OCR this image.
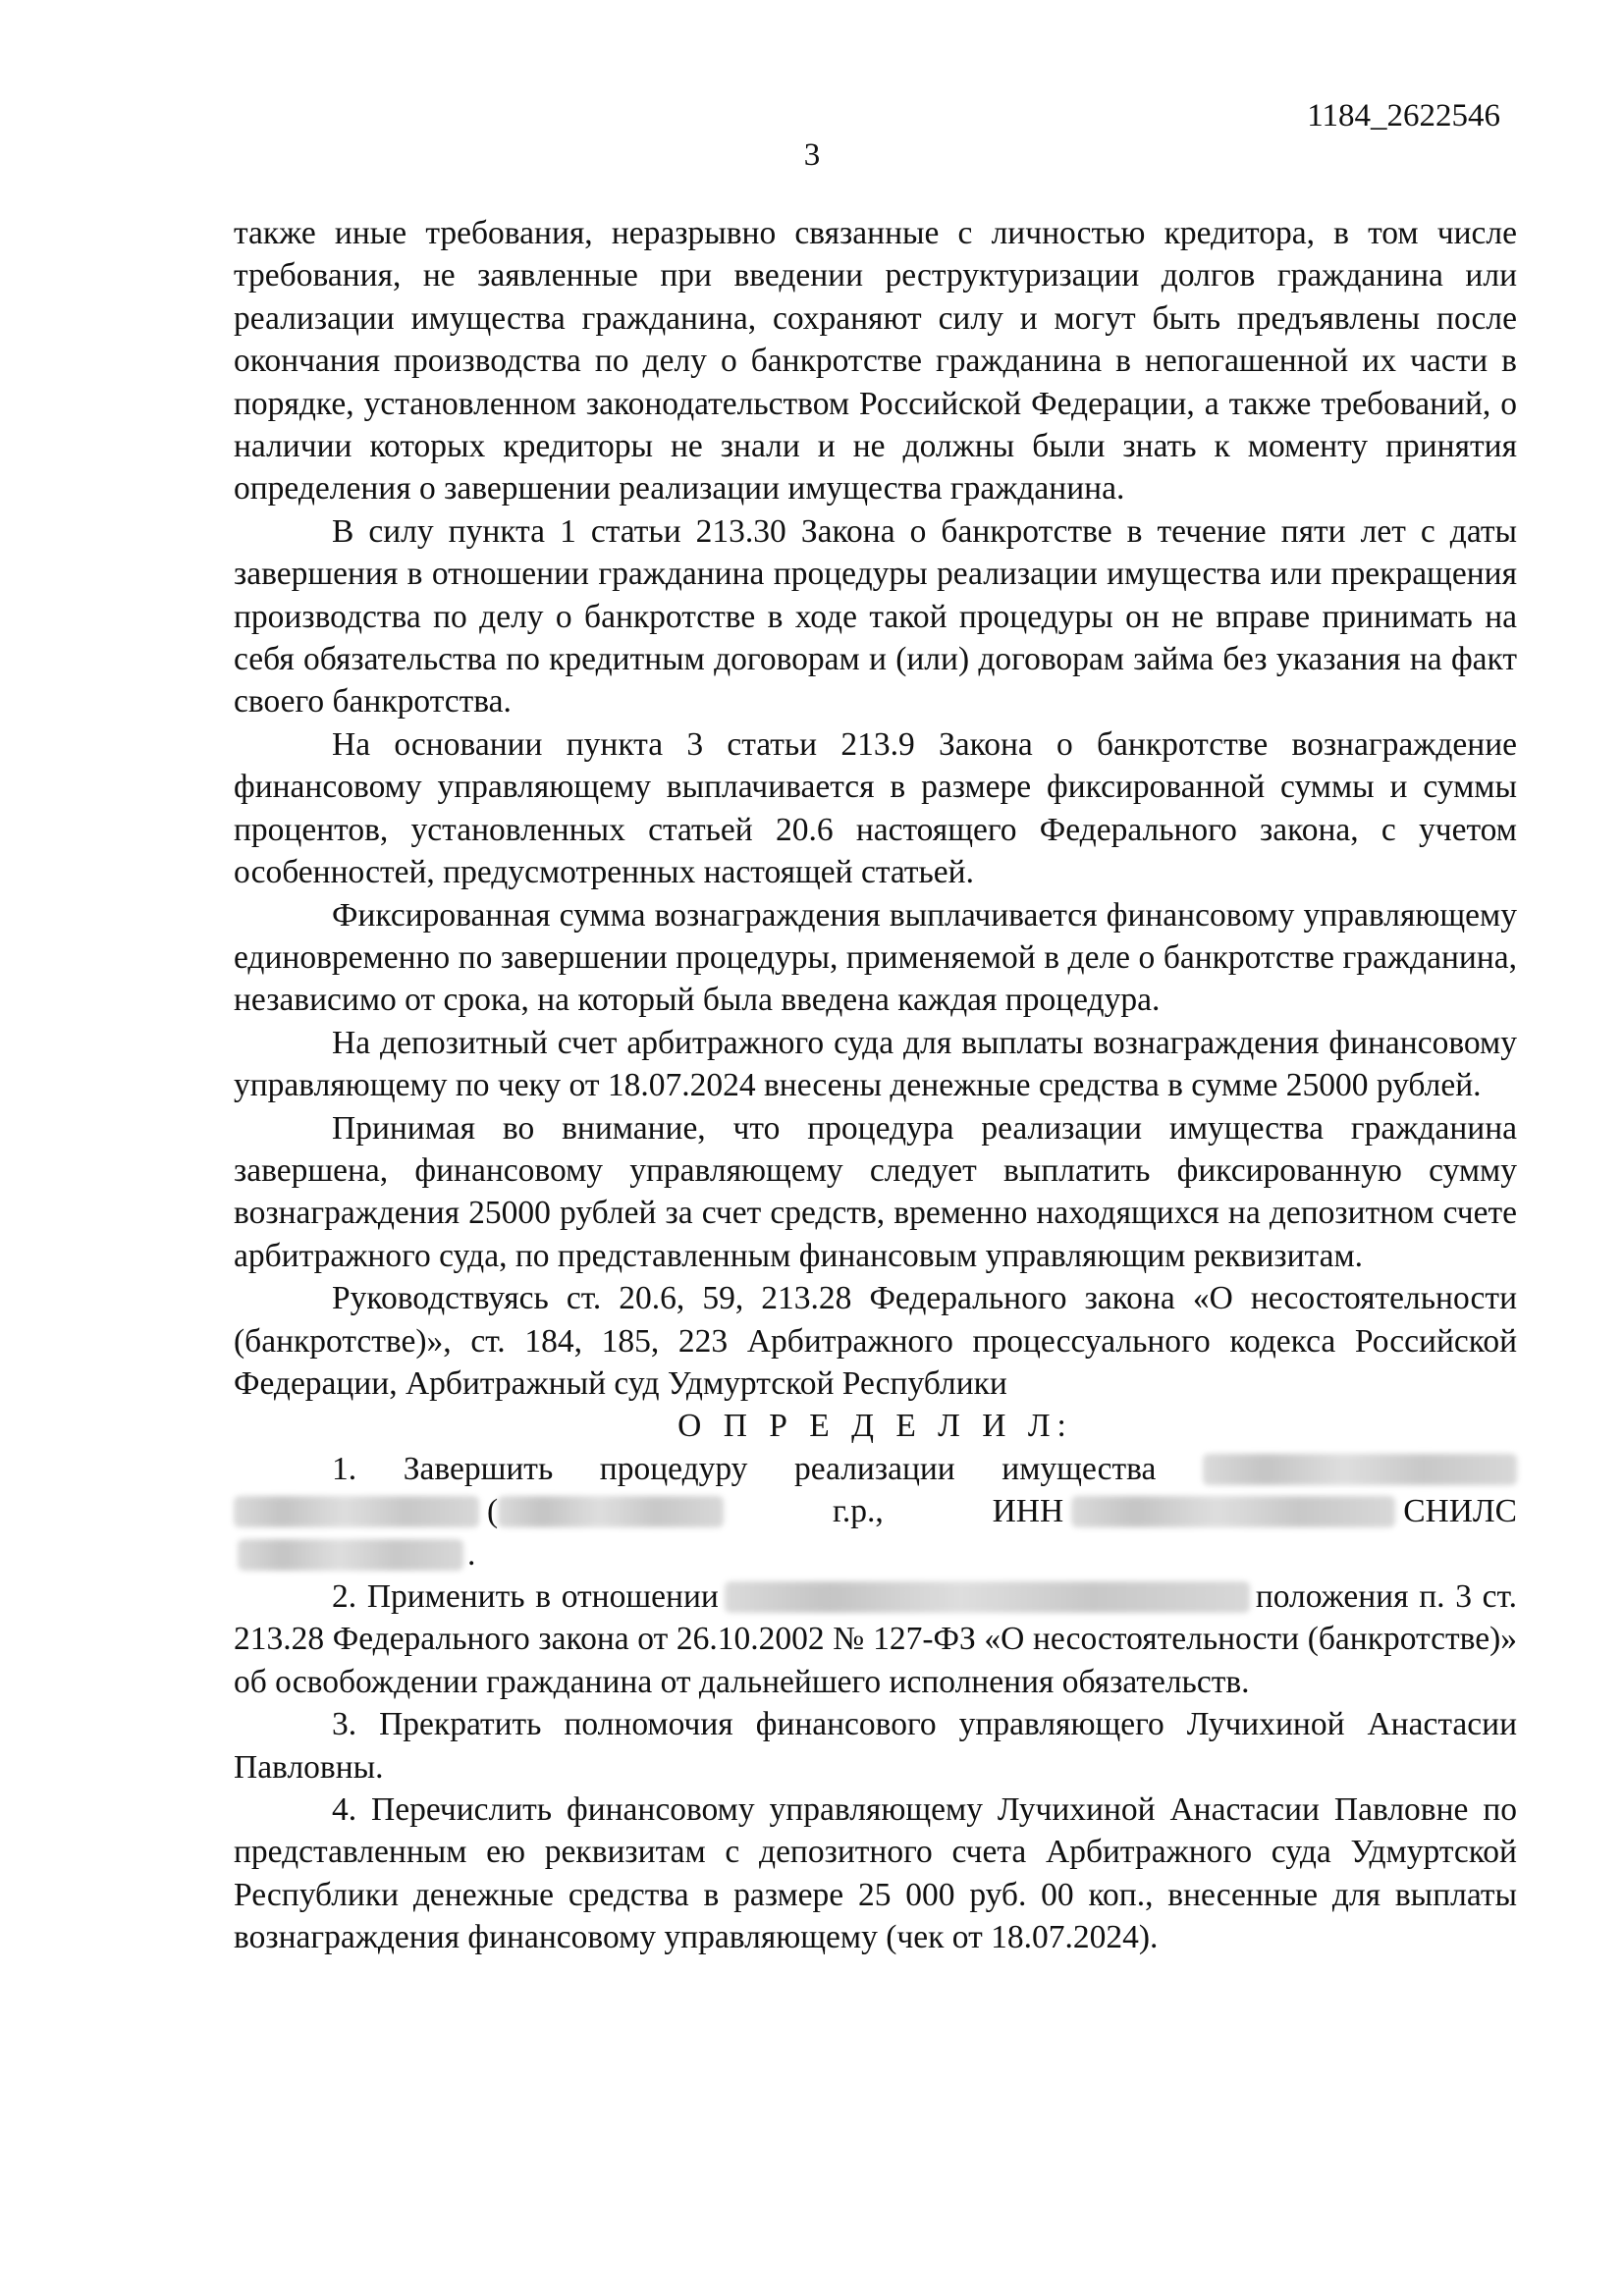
1184_2622546
3

также иные требования, неразрывно связанные с личностью кредитора, в том числе требования, не заявленные при введении реструктуризации долгов гражданина или реализации имущества гражданина, сохраняют силу и могут быть предъявлены после окончания производства по делу о банкротстве гражданина в непогашенной их части в порядке, установленном законодательством Российской Федерации, а также требований, о наличии которых кредиторы не знали и не должны были знать к моменту принятия определения о завершении реализации имущества гражданина.

В силу пункта 1 статьи 213.30 Закона о банкротстве в течение пяти лет с даты завершения в отношении гражданина процедуры реализации имущества или прекращения производства по делу о банкротстве в ходе такой процедуры он не вправе принимать на себя обязательства по кредитным договорам и (или) договорам займа без указания на факт своего банкротства.

На основании пункта 3 статьи 213.9 Закона о банкротстве вознаграждение финансовому управляющему выплачивается в размере фиксированной суммы и суммы процентов, установленных статьей 20.6 настоящего Федерального закона, с учетом особенностей, предусмотренных настоящей статьей.

Фиксированная сумма вознаграждения выплачивается финансовому управляющему единовременно по завершении процедуры, применяемой в деле о банкротстве гражданина, независимо от срока, на который была введена каждая процедура.

На депозитный счет арбитражного суда для выплаты вознаграждения финансовому управляющему по чеку от 18.07.2024 внесены денежные средства в сумме 25000 рублей.

Принимая во внимание, что процедура реализации имущества гражданина завершена, финансовому управляющему следует выплатить фиксированную сумму вознаграждения 25000 рублей за счет средств, временно находящихся на депозитном счете арбитражного суда, по представленным финансовым управляющим реквизитам.

Руководствуясь ст. 20.6, 59, 213.28 Федерального закона «О несостоятельности (банкротстве)», ст. 184, 185, 223 Арбитражного процессуального кодекса Российской Федерации, Арбитражный суд Удмуртской Республики

О П Р Е Д Е Л И Л:

1. Завершить процедуру реализации имущества  (	г.р., ИНН	СНИЛС.

2. Применить в отношении	положения п. 3 ст. 213.28 Федерального закона от 26.10.2002 № 127-ФЗ «О несостоятельности (банкротстве)» об освобождении гражданина от дальнейшего исполнения обязательств.

3. Прекратить полномочия финансового управляющего Лучихиной Анастасии Павловны.

4. Перечислить финансовому управляющему Лучихиной Анастасии Павловне по представленным ею реквизитам с депозитного счета Арбитражного суда Удмуртской Республики денежные средства в размере 25 000 руб. 00 коп., внесенные для выплаты вознаграждения финансовому управляющему (чек от 18.07.2024).
